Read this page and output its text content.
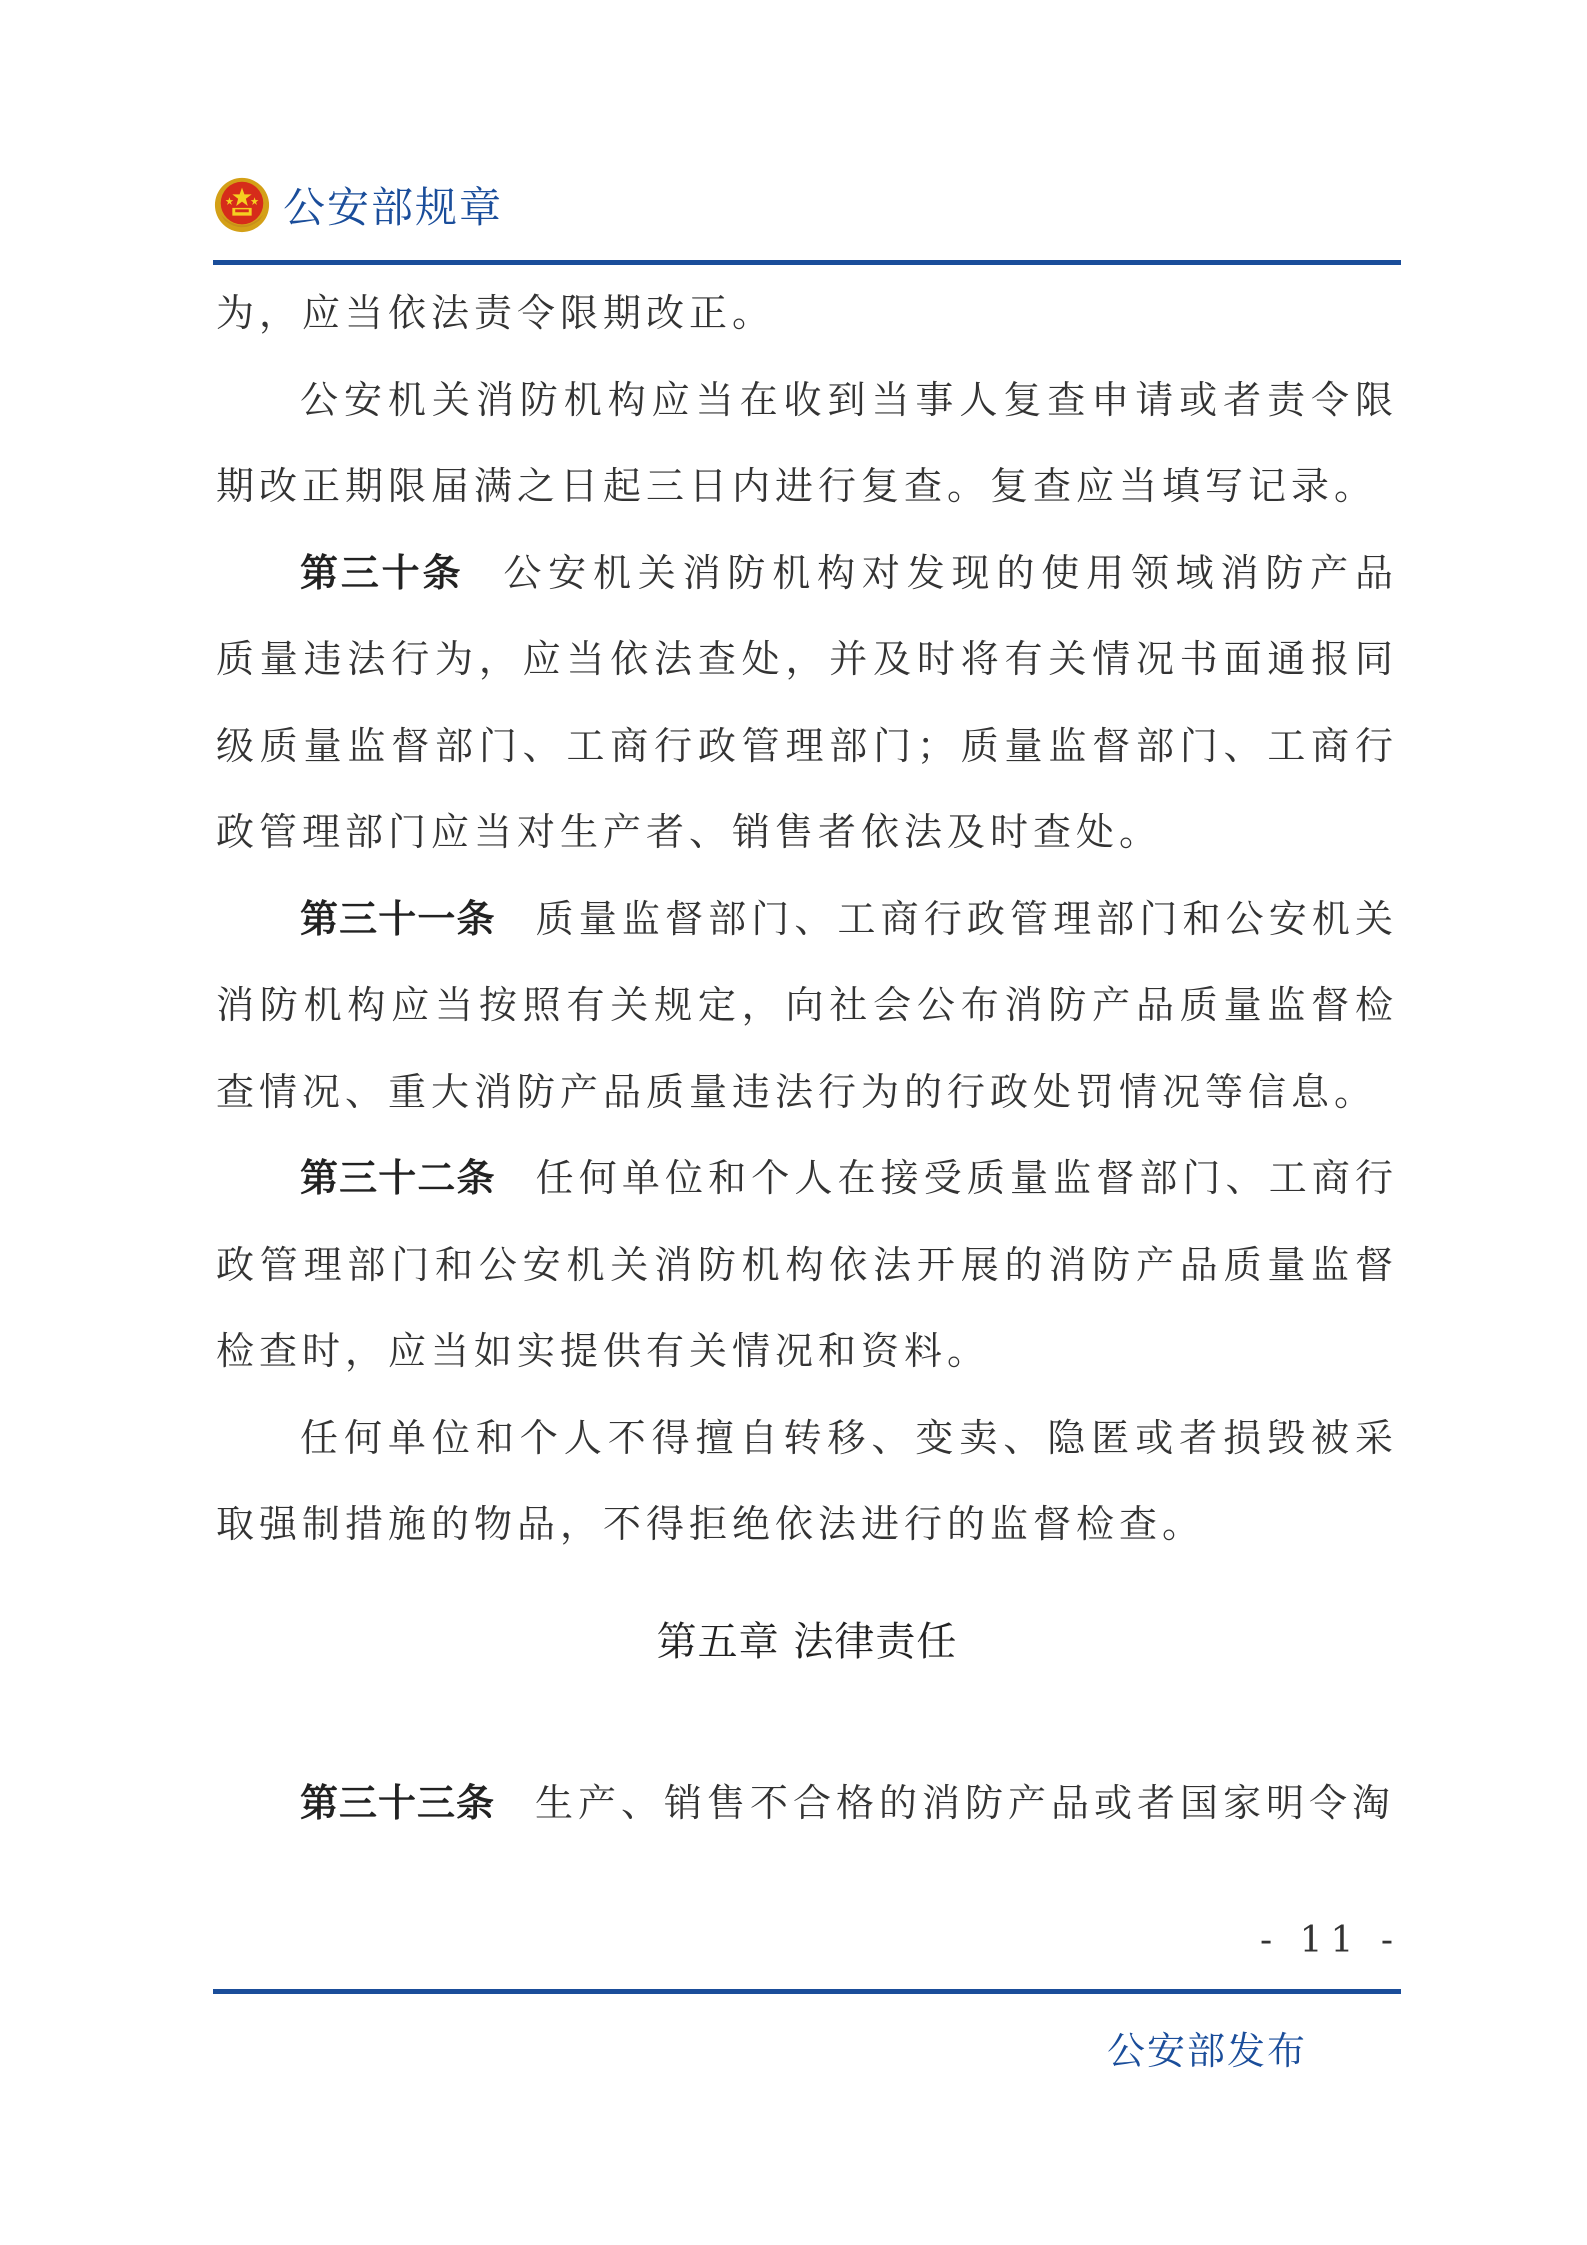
公安部规章

为，应当依法责令限期改正。

公安机关消防机构应当在收到当事人复查申请或者责令限期改正期限届满之日起三日内进行复查。复查应当填写记录。

第三十条 公安机关消防机构对发现的使用领域消防产品质量违法行为，应当依法查处，并及时将有关情况书面通报同级质量监督部门、工商行政管理部门；质量监督部门、工商行政管理部门应当对生产者、销售者依法及时查处。

第三十一条 质量监督部门、工商行政管理部门和公安机关消防机构应当按照有关规定，向社会公布消防产品质量监督检查情况、重大消防产品质量违法行为的行政处罚情况等信息。

第三十二条 任何单位和个人在接受质量监督部门、工商行政管理部门和公安机关消防机构依法开展的消防产品质量监督检查时，应当如实提供有关情况和资料。

任何单位和个人不得擅自转移、变卖、隐匿或者损毁被采取强制措施的物品，不得拒绝依法进行的监督检查。

第五章 法律责任

第三十三条 生产、销售不合格的消防产品或者国家明令淘

- 11 -
公安部发布
